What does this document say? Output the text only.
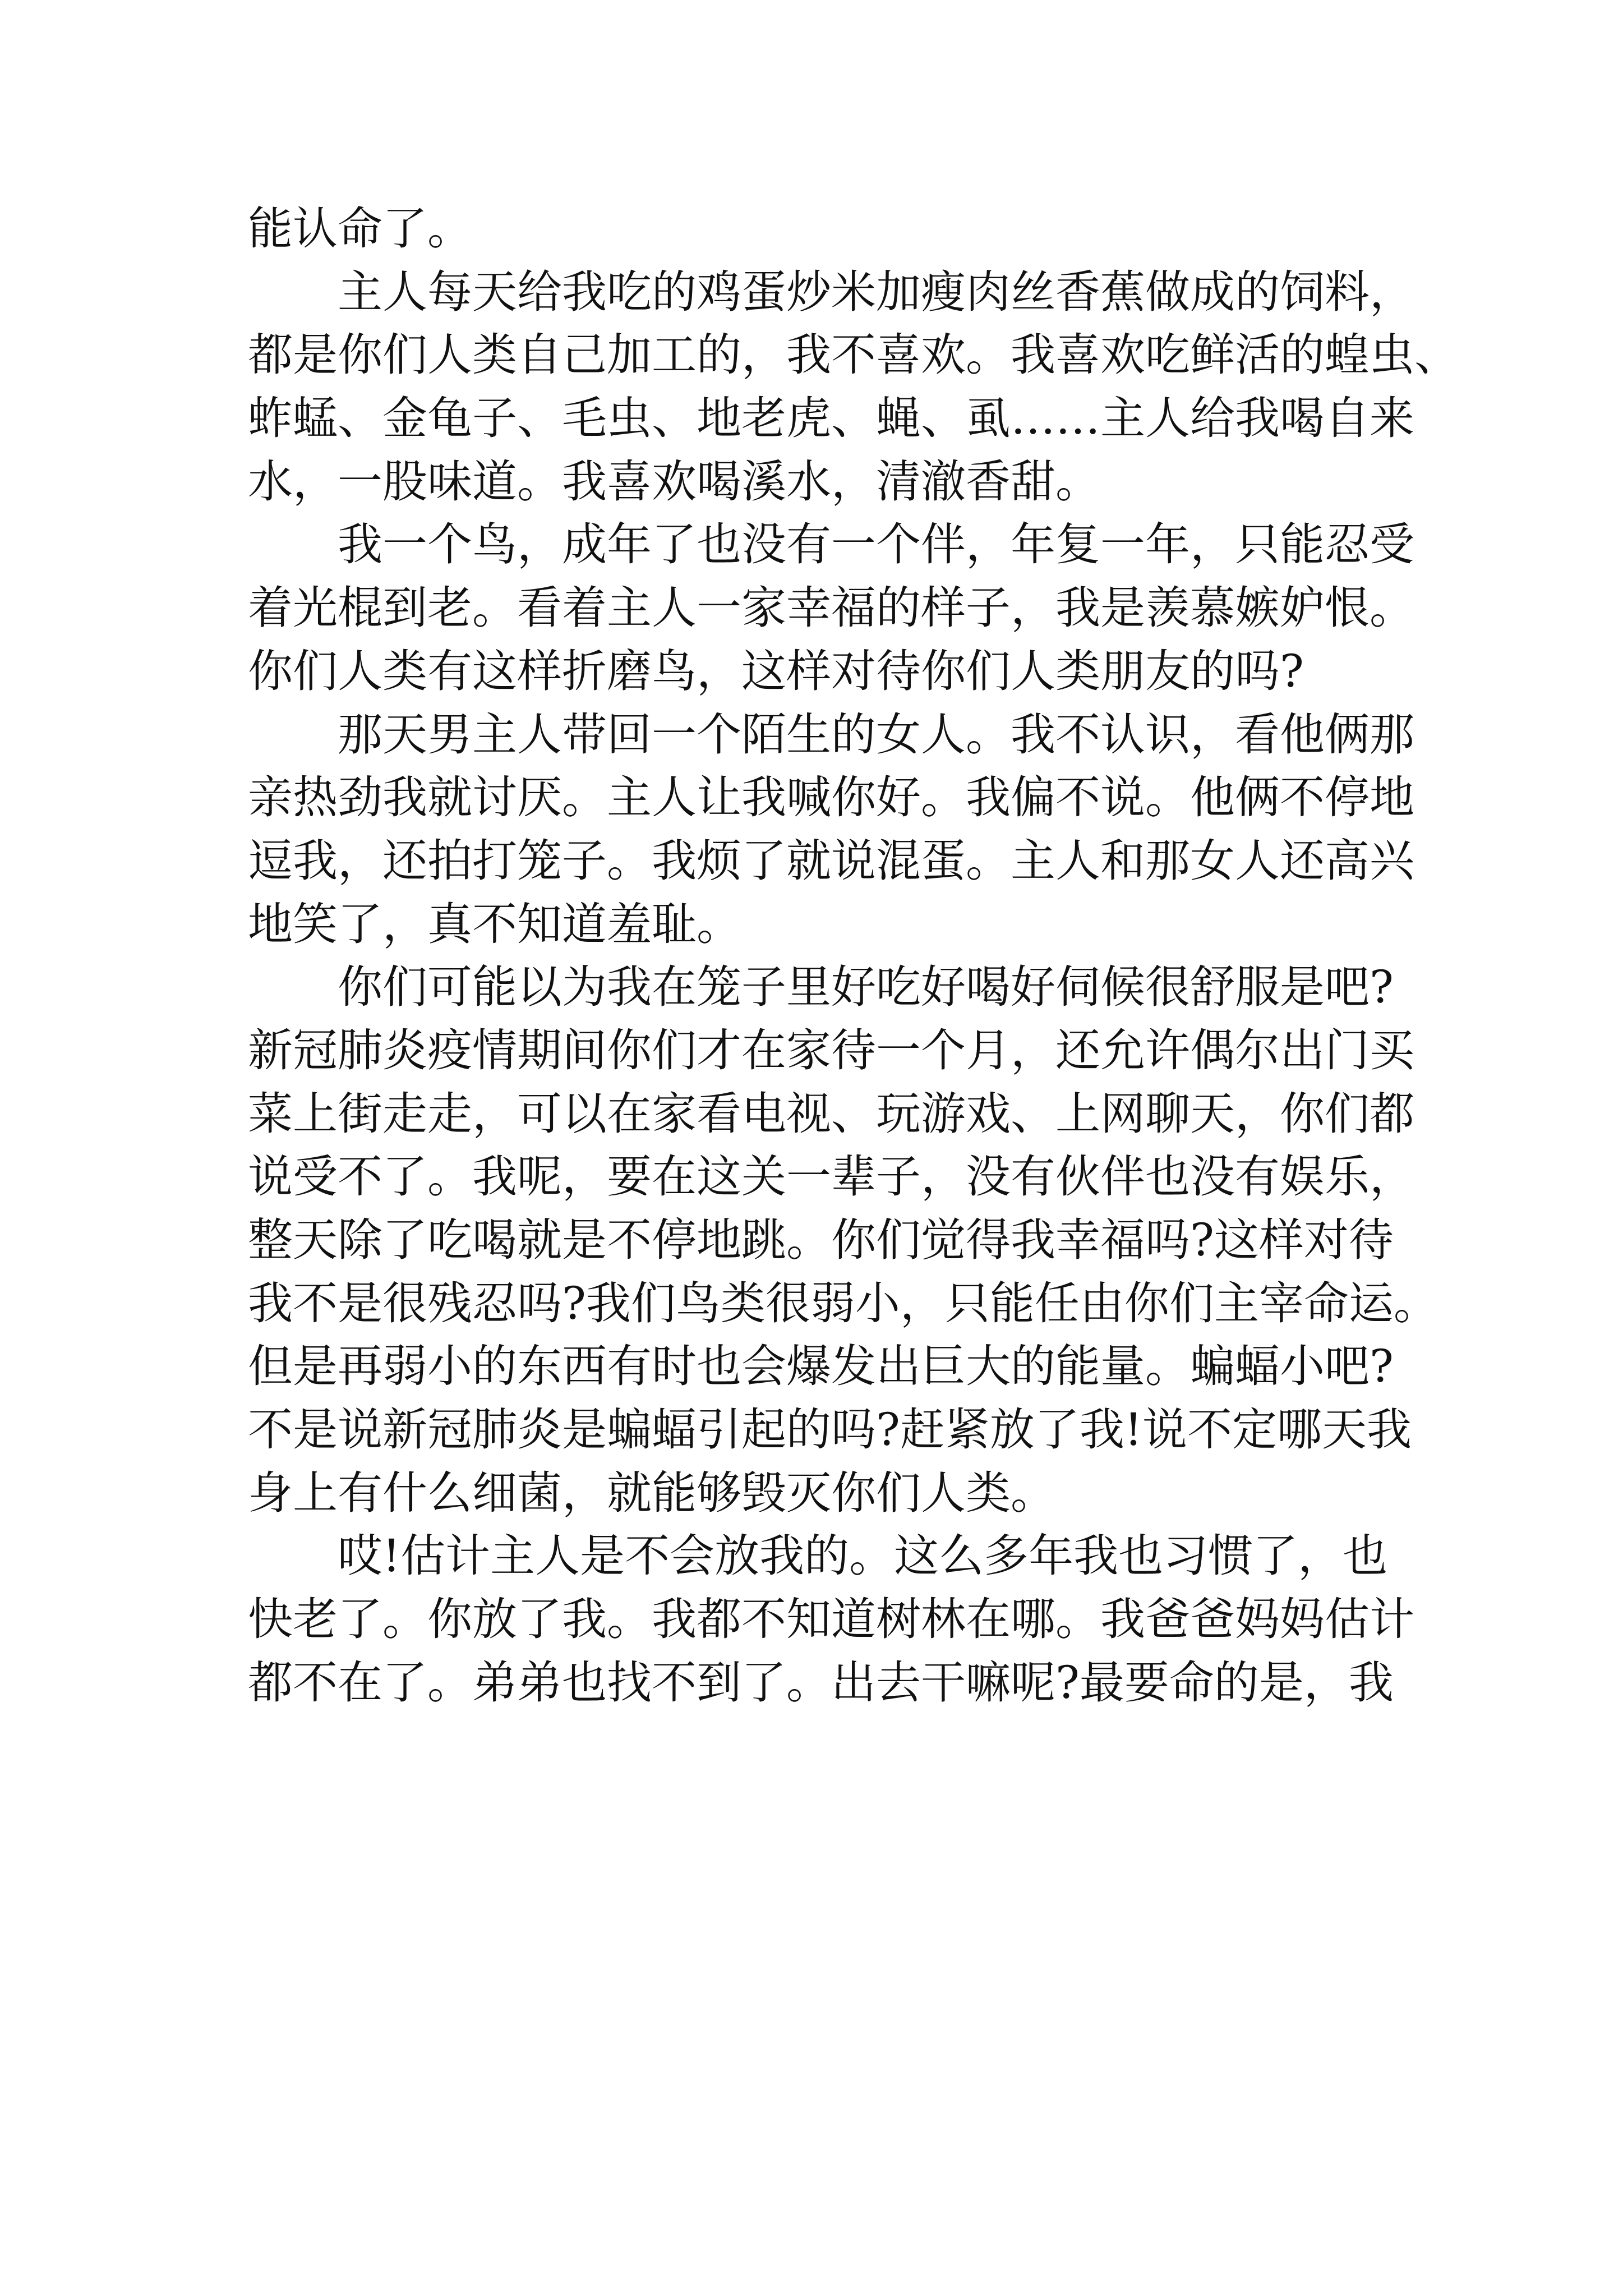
能认命了。
主人每天给我吃的鸡蛋炒米加瘦肉丝香蕉做成的饲料，
都是你们人类自己加工的，我不喜欢。我喜欢吃鲜活的蝗虫、
蚱蜢、金龟子、毛虫、地老虎、蝇、虱……主人给我喝自来
水，一股味道。我喜欢喝溪水，清澈香甜。
我一个鸟，成年了也没有一个伴，年复一年，只能忍受
着光棍到老。看着主人一家幸福的样子，我是羡慕嫉妒恨。
你们人类有这样折磨鸟，这样对待你们人类朋友的吗?
那天男主人带回一个陌生的女人。我不认识，看他俩那
亲热劲我就讨厌。主人让我喊你好。我偏不说。他俩不停地
逗我，还拍打笼子。我烦了就说混蛋。主人和那女人还高兴
地笑了，真不知道羞耻。
你们可能以为我在笼子里好吃好喝好伺候很舒服是吧?
新冠肺炎疫情期间你们才在家待一个月，还允许偶尔出门买
菜上街走走，可以在家看电视、玩游戏、上网聊天，你们都
说受不了。我呢，要在这关一辈子，没有伙伴也没有娱乐，
整天除了吃喝就是不停地跳。你们觉得我幸福吗?这样对待
我不是很残忍吗?我们鸟类很弱小，只能任由你们主宰命运。
但是再弱小的东西有时也会爆发出巨大的能量。蝙蝠小吧?
不是说新冠肺炎是蝙蝠引起的吗?赶紧放了我!说不定哪天我
身上有什么细菌，就能够毁灭你们人类。
哎!估计主人是不会放我的。这么多年我也习惯了，也
快老了。你放了我。我都不知道树林在哪。我爸爸妈妈估计
都不在了。弟弟也找不到了。出去干嘛呢?最要命的是，我
